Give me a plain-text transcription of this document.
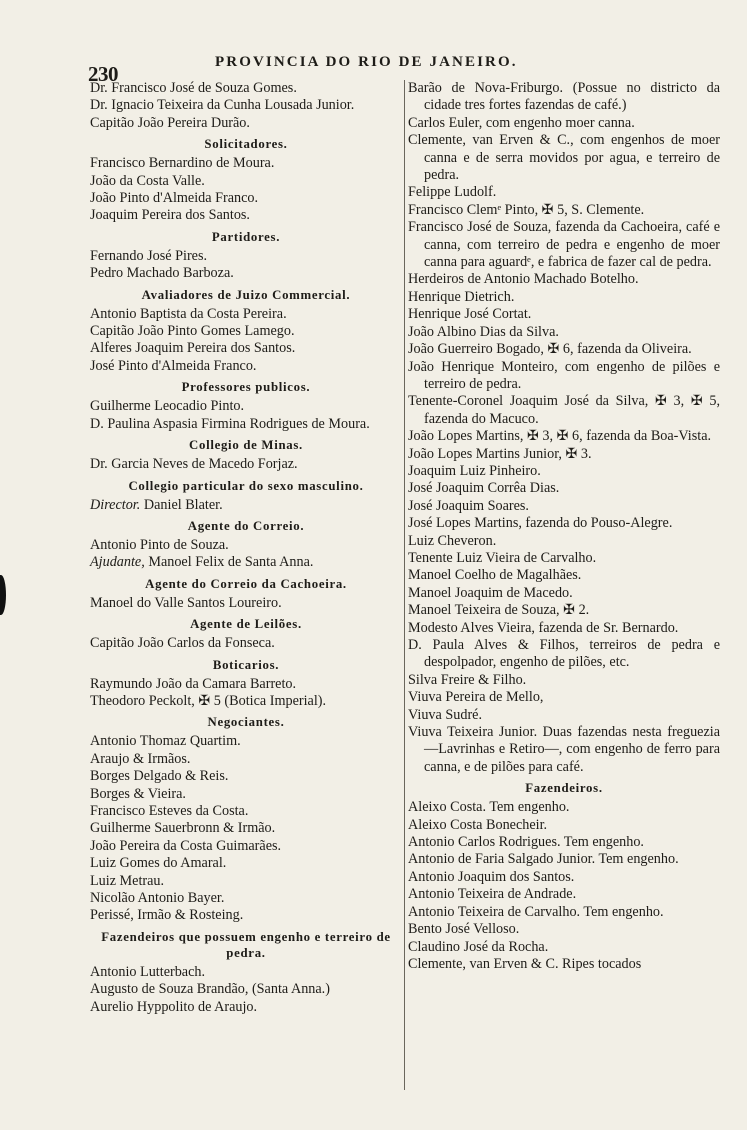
230	PROVINCIA DO RIO DE JANEIRO.
Dr. Francisco José de Souza Gomes.
Dr. Ignacio Teixeira da Cunha Lousada Junior.
Capitão João Pereira Durão.
Solicitadores.
Francisco Bernardino de Moura.
João da Costa Valle.
João Pinto d'Almeida Franco.
Joaquim Pereira dos Santos.
Partidores.
Fernando José Pires.
Pedro Machado Barboza.
Avaliadores de Juizo Commercial.
Antonio Baptista da Costa Pereira.
Capitão João Pinto Gomes Lamego.
Alferes Joaquim Pereira dos Santos.
José Pinto d'Almeida Franco.
Professores publicos.
Guilherme Leocadio Pinto.
D. Paulina Aspasia Firmina Rodrigues de Moura.
Collegio de Minas.
Dr. Garcia Neves de Macedo Forjaz.
Collegio particular do sexo masculino.
Director. Daniel Blater.
Agente do Correio.
Antonio Pinto de Souza.
Ajudante, Manoel Felix de Santa Anna.
Agente do Correio da Cachoeira.
Manoel do Valle Santos Loureiro.
Agente de Leilões.
Capitão João Carlos da Fonseca.
Boticarios.
Raymundo João da Camara Barreto.
Theodoro Peckolt, ✠ 5 (Botica Imperial).
Negociantes.
Antonio Thomaz Quartim.
Araujo & Irmãos.
Borges Delgado & Reis.
Borges & Vieira.
Francisco Esteves da Costa.
Guilherme Sauerbronn & Irmão.
João Pereira da Costa Guimarães.
Luiz Gomes do Amaral.
Luiz Metrau.
Nicolão Antonio Bayer.
Perissé, Irmão & Rosteing.
Fazendeiros que possuem engenho e terreiro de pedra.
Antonio Lutterbach.
Augusto de Souza Brandão, (Santa Anna.)
Aurelio Hyppolito de Araujo.
Barão de Nova-Friburgo. (Possue no districto da cidade tres fortes fazendas de café.)
Carlos Euler, com engenho moer canna.
Clemente, van Erven & C., com engenhos de moer canna e de serra movidos por agua, e terreiro de pedra.
Felippe Ludolf.
Francisco Clemᵉ Pinto, ✠ 5, S. Clemente.
Francisco José de Souza, fazenda da Cachoeira, café e canna, com terreiro de pedra e engenho de moer canna para aguardᵉ, e fabrica de fazer cal de pedra.
Herdeiros de Antonio Machado Botelho.
Henrique Dietrich.
Henrique José Cortat.
João Albino Dias da Silva.
João Guerreiro Bogado, ✠ 6, fazenda da Oliveira.
João Henrique Monteiro, com engenho de pilões e terreiro de pedra.
Tenente-Coronel Joaquim José da Silva, ✠ 3, ✠ 5, fazenda do Macuco.
João Lopes Martins, ✠ 3, ✠ 6, fazenda da Boa-Vista.
João Lopes Martins Junior, ✠ 3.
Joaquim Luiz Pinheiro.
José Joaquim Corrêa Dias.
José Joaquim Soares.
José Lopes Martins, fazenda do Pouso-Alegre.
Luiz Cheveron.
Tenente Luiz Vieira de Carvalho.
Manoel Coelho de Magalhães.
Manoel Joaquim de Macedo.
Manoel Teixeira de Souza, ✠ 2.
Modesto Alves Vieira, fazenda de Sr. Bernardo.
D. Paula Alves & Filhos, terreiros de pedra e despolpador, engenho de pilões, etc.
Silva Freire & Filho.
Viuva Pereira de Mello,
Viuva Sudré.
Viuva Teixeira Junior. Duas fazendas nesta freguezia—Lavrinhas e Retiro—, com engenho de ferro para canna, e de pilões para café.
Fazendeiros.
Aleixo Costa. Tem engenho.
Aleixo Costa Bonecheir.
Antonio Carlos Rodrigues. Tem engenho.
Antonio de Faria Salgado Junior. Tem engenho.
Antonio Joaquim dos Santos.
Antonio Teixeira de Andrade.
Antonio Teixeira de Carvalho. Tem engenho.
Bento José Velloso.
Claudino José da Rocha.
Clemente, van Erven & C. Ripes tocados
